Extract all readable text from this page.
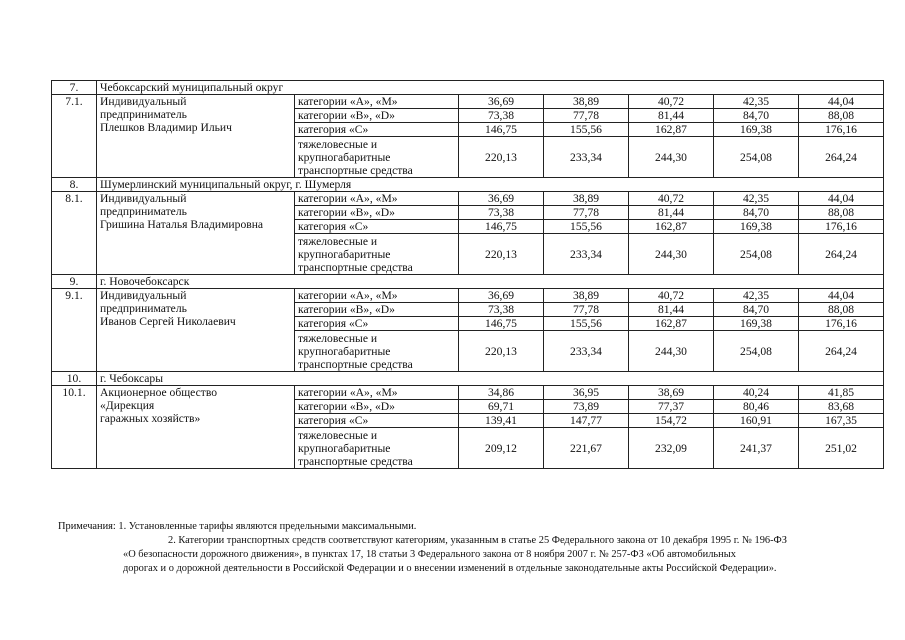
7.	Чебоксарский муниципальный округ						
7.1.	Индивидуальный
предприниматель
Плешков Владимир Ильич	категории «A», «M»	36,69	38,89	40,72	42,35	44,04
		категории «B», «D»	73,38	77,78	81,44	84,70	88,08
		категория «C»	146,75	155,56	162,87	169,38	176,16

		тяжеловесные и
крупногабаритные
транспортные средства	220,13	233,34	244,30	254,08	264,24
8.	Шумерлинский муниципальный округ, г. Шумерля						
8.1.	Индивидуальный
предприниматель
Гришина Наталья Владимировна	категории «A», «M»	36,69	38,89	40,72	42,35	44,04
		категории «B», «D»	73,38	77,78	81,44	84,70	88,08
		категория «C»	146,75	155,56	162,87	169,38	176,16

		тяжеловесные и
крупногабаритные
транспортные средства	220,13	233,34	244,30	254,08	264,24
9.	г. Новочебоксарск						
9.1.	Индивидуальный
предприниматель
Иванов Сергей Николаевич	категории «A», «M»	36,69	38,89	40,72	42,35	44,04
		категории «B», «D»	73,38	77,78	81,44	84,70	88,08
		категория «C»	146,75	155,56	162,87	169,38	176,16

		тяжеловесные и
крупногабаритные
транспортные средства	220,13	233,34	244,30	254,08	264,24
10.	г. Чебоксары						
10.1.	Акционерное общество
«Дирекция
гаражных хозяйств»	категории «A», «M»	34,86	36,95	38,69	40,24	41,85
		категории «B», «D»	69,71	73,89	77,37	80,46	83,68
		категория «C»	139,41	147,77	154,72	160,91	167,35

		тяжеловесные и
крупногабаритные
транспортные средства	209,12	221,67	232,09	241,37	251,02
Примечания: 1. Установленные тарифы являются предельными максимальными.
2. Категории транспортных средств соответствуют категориям, указанным в статье 25 Федерального закона от 10 декабря 1995 г. № 196-ФЗ
«О безопасности дорожного движения», в пунктах 17, 18 статьи 3 Федерального закона от 8 ноября 2007 г. № 257-ФЗ «Об автомобильных
дорогах и о дорожной деятельности в Российской Федерации и о внесении изменений в отдельные законодательные акты Российской Федерации».
